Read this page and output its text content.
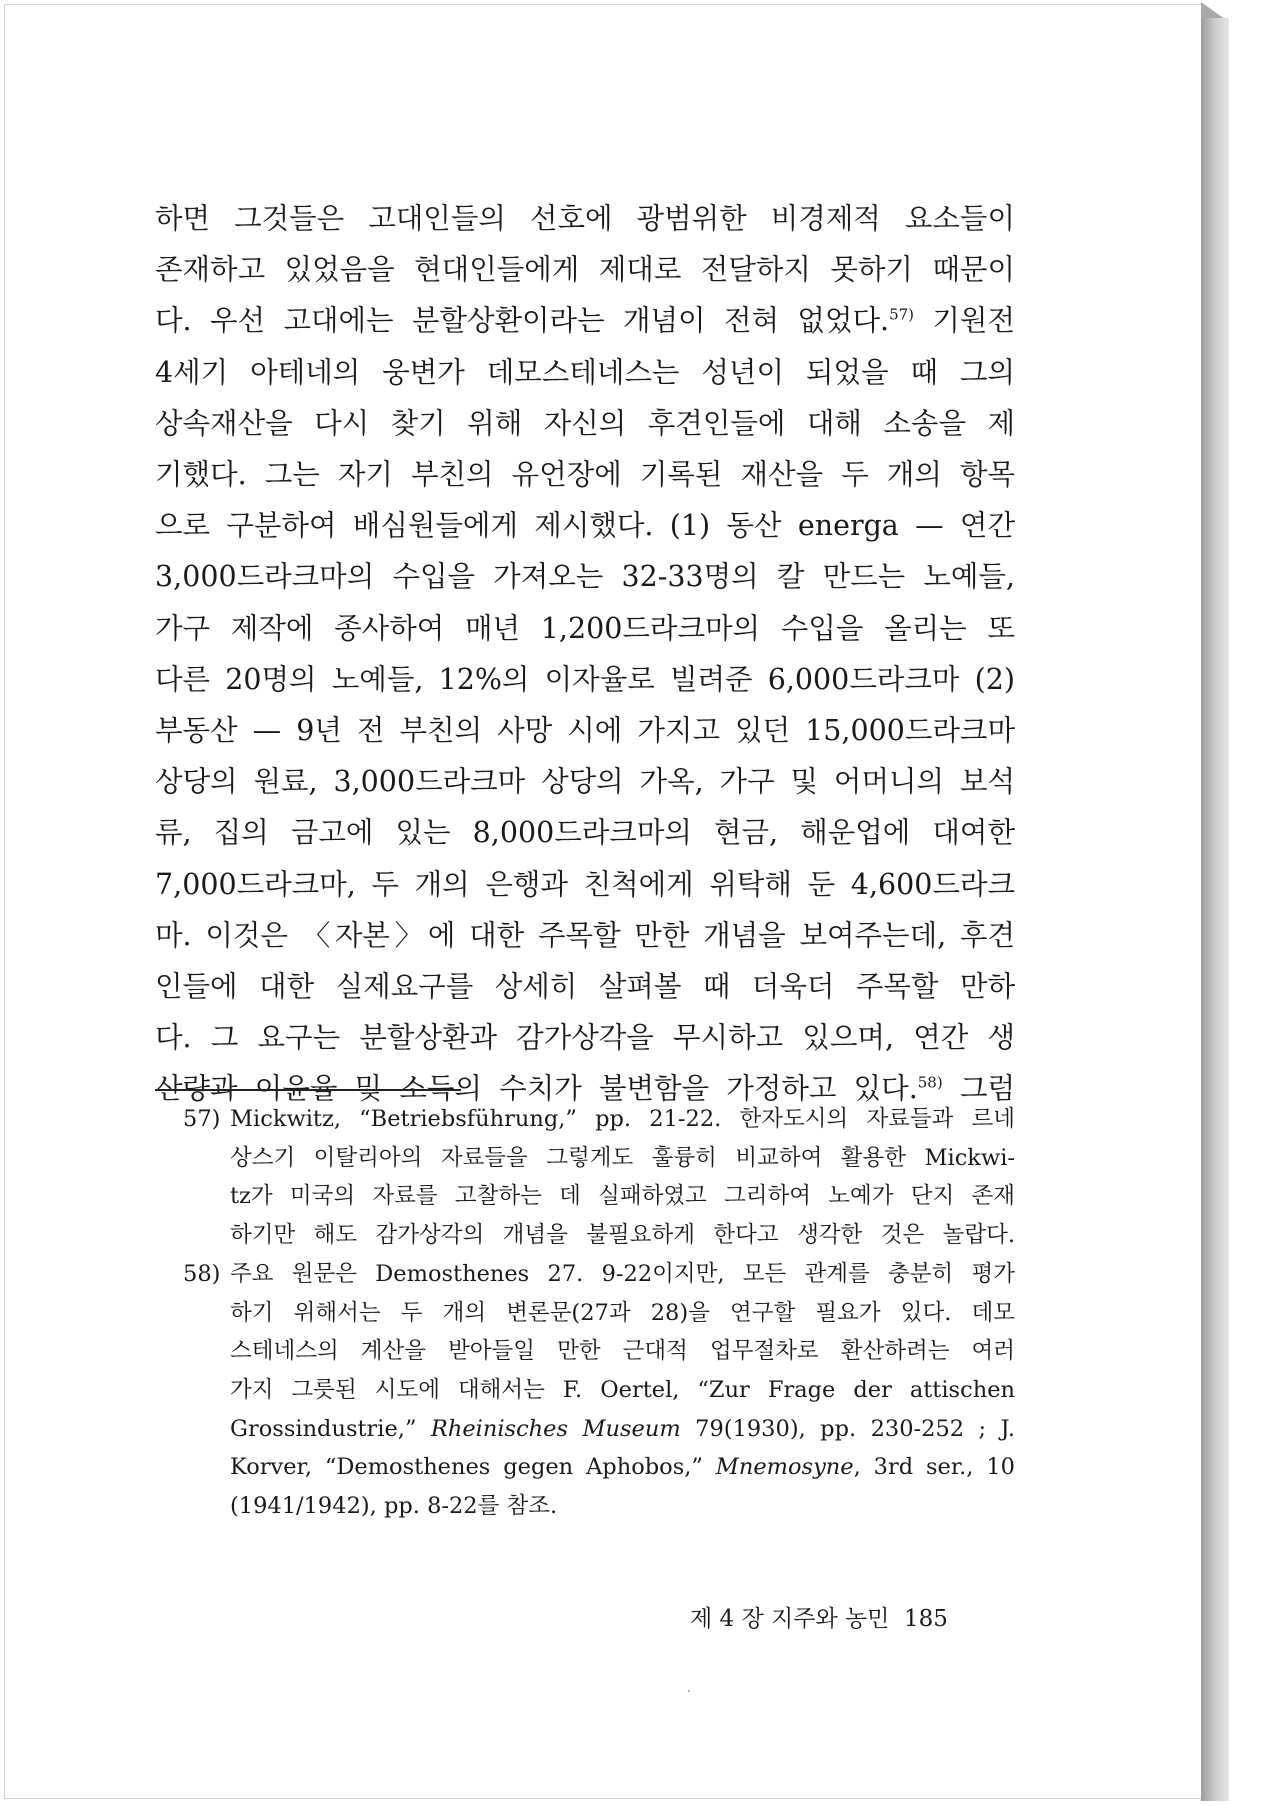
하면 그것들은 고대인들의 선호에 광범위한 비경제적 요소들이
존재하고 있었음을 현대인들에게 제대로 전달하지 못하기 때문이
다. 우선 고대에는 분할상환이라는 개념이 전혀 없었다.$^{57)}$ 기원전
4세기 아테네의 웅변가 데모스테네스는 성년이 되었을 때 그의
상속재산을 다시 찾기 위해 자신의 후견인들에 대해 소송을 제
기했다. 그는 자기 부친의 유언장에 기록된 재산을 두 개의 항목
으로 구분하여 배심원들에게 제시했다. (1) 동산 energa — 연간
3,000드라크마의 수입을 가져오는 32-33명의 칼 만드는 노예들,
가구 제작에 종사하여 매년 1,200드라크마의 수입을 올리는 또
다른 20명의 노예들, 12%의 이자율로 빌려준 6,000드라크마 (2)
부동산 — 9년 전 부친의 사망 시에 가지고 있던 15,000드라크마
상당의 원료, 3,000드라크마 상당의 가옥, 가구 및 어머니의 보석
류, 집의 금고에 있는 8,000드라크마의 현금, 해운업에 대여한
7,000드라크마, 두 개의 은행과 친척에게 위탁해 둔 4,600드라크
마. 이것은 〈자본〉에 대한 주목할 만한 개념을 보여주는데, 후견
인들에 대한 실제요구를 상세히 살펴볼 때 더욱더 주목할 만하
다. 그 요구는 분할상환과 감가상각을 무시하고 있으며, 연간 생
산량과 이윤율 및 소득의 수치가 불변함을 가정하고 있다.$^{58)}$ 그럼
57) Mickwitz, “Betriebsführung,” pp. 21-22. 한자도시의 자료들과 르네
상스기 이탈리아의 자료들을 그렇게도 훌륭히 비교하여 활용한 Mickwi-
tz가 미국의 자료를 고찰하는 데 실패하였고 그리하여 노예가 단지 존재
하기만 해도 감가상각의 개념을 불필요하게 한다고 생각한 것은 놀랍다.
58) 주요 원문은 Demosthenes 27. 9-22이지만, 모든 관계를 충분히 평가
하기 위해서는 두 개의 변론문(27과 28)을 연구할 필요가 있다. 데모
스테네스의 계산을 받아들일 만한 근대적 업무절차로 환산하려는 여러
가지 그릇된 시도에 대해서는 F. Oertel, “Zur Frage der attischen
Grossindustrie,” Rheinisches Museum 79(1930), pp. 230-252 ; J.
Korver, “Demosthenes gegen Aphobos,” Mnemosyne, 3rd ser., 10
(1941/1942), pp. 8-22를 참조.
제 4 장 지주와 농민 185
